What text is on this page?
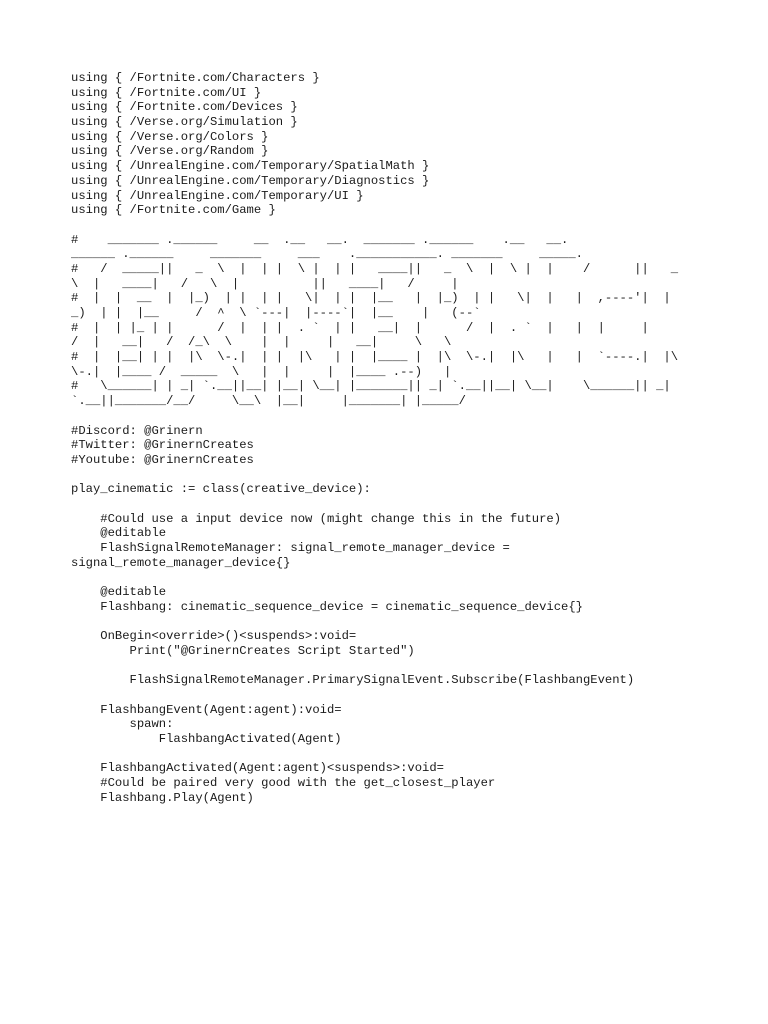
using { /Fortnite.com/Characters }
using { /Fortnite.com/UI }
using { /Fortnite.com/Devices }
using { /Verse.org/Simulation }
using { /Verse.org/Colors }
using { /Verse.org/Random }
using { /UnrealEngine.com/Temporary/SpatialMath }
using { /UnrealEngine.com/Temporary/Diagnostics }
using { /UnrealEngine.com/Temporary/UI }
using { /Fortnite.com/Game }
#    _______ .______     __  .__   __.  _______ .______    .__   __.
______ .______     _______     ___    .___________. _______     _____.
#   /  _____||   _  \  |  | |  \ |  | |   ____||   _  \  |  \ |  |    /      ||   _
\  |   ____|   /   \  |          ||   ____|   /     |
#  |  |  __  |  |_)  | |  | |   \|  | |  |__   |  |_)  | |   \|  |   |  ,----'|  |
_)  | |  |__     /  ^  \ `---|  |----`|  |__    |   (--`
#  |  | |_ | |      /  |  | |  . `  | |   __|  |      /  |  . `  |   |  |     |
/  |   __|   /  /_\  \    |  |     |   __|     \   \
#  |  |__| | |  |\  \-.|  | |  |\   | |  |____ |  |\  \-.|  |\   |   |  `----.|  |\
\-.|  |____ /  _____  \   |  |     |  |____ .--)   |
#   \______| | _| `.__||__| |__| \__| |_______|| _| `.__||__| \__|    \______|| _|
`.__||_______/__/     \__\  |__|     |_______| |_____/
#Discord: @Grinern
#Twitter: @GrinernCreates
#Youtube: @GrinernCreates
play_cinematic := class(creative_device):
#Could use a input device now (might change this in the future)
@editable
FlashSignalRemoteManager: signal_remote_manager_device =
signal_remote_manager_device{}
@editable
Flashbang: cinematic_sequence_device = cinematic_sequence_device{}
OnBegin<override>()<suspends>:void=
Print("@GrinernCreates Script Started")
FlashSignalRemoteManager.PrimarySignalEvent.Subscribe(FlashbangEvent)
FlashbangEvent(Agent:agent):void=
spawn:
FlashbangActivated(Agent)
FlashbangActivated(Agent:agent)<suspends>:void=
#Could be paired very good with the get_closest_player
Flashbang.Play(Agent)
